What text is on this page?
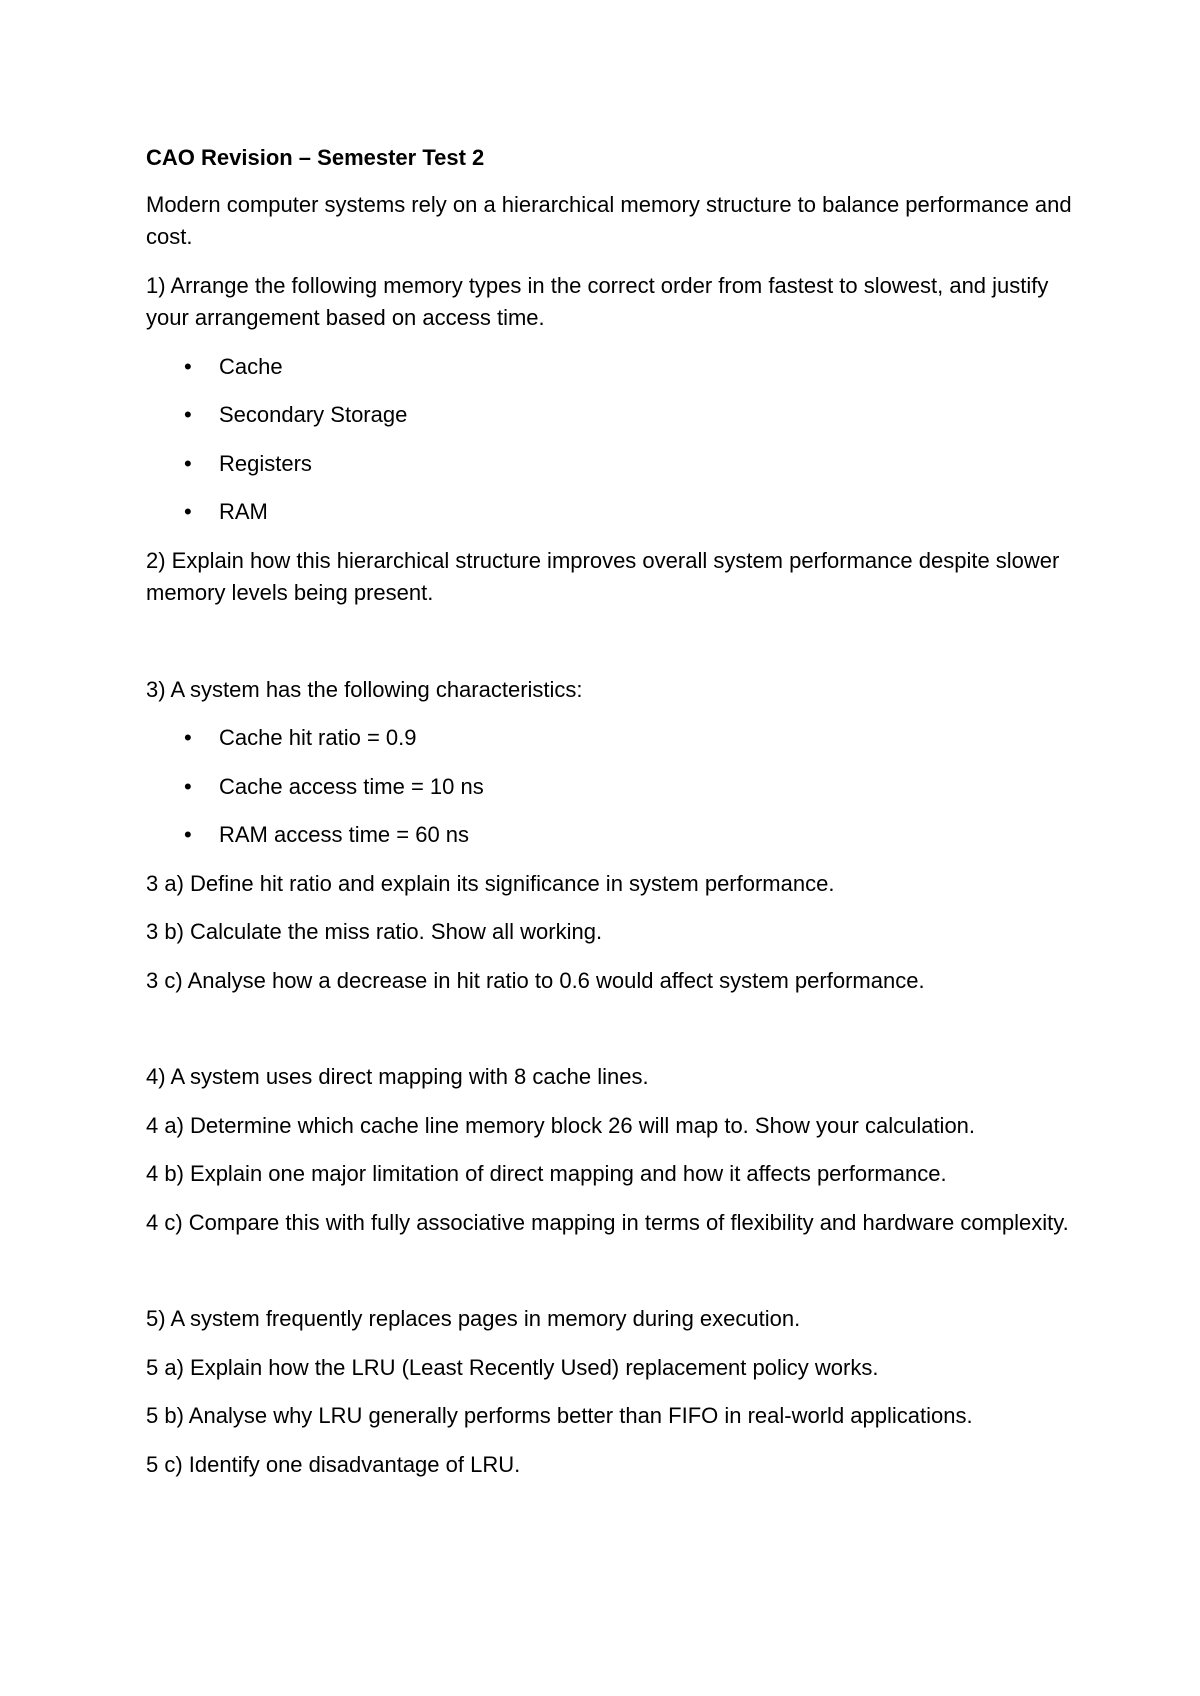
CAO Revision – Semester Test 2
Modern computer systems rely on a hierarchical memory structure to balance performance and cost.
1) Arrange the following memory types in the correct order from fastest to slowest, and justify your arrangement based on access time.
• Cache
• Secondary Storage
• Registers
• RAM
2) Explain how this hierarchical structure improves overall system performance despite slower memory levels being present.
3) A system has the following characteristics:
• Cache hit ratio = 0.9
• Cache access time = 10 ns
• RAM access time = 60 ns
3 a) Define hit ratio and explain its significance in system performance.
3 b) Calculate the miss ratio. Show all working.
3 c) Analyse how a decrease in hit ratio to 0.6 would affect system performance.
4) A system uses direct mapping with 8 cache lines.
4 a) Determine which cache line memory block 26 will map to. Show your calculation.
4 b) Explain one major limitation of direct mapping and how it affects performance.
4 c) Compare this with fully associative mapping in terms of flexibility and hardware complexity.
5) A system frequently replaces pages in memory during execution.
5 a) Explain how the LRU (Least Recently Used) replacement policy works.
5 b) Analyse why LRU generally performs better than FIFO in real-world applications.
5 c) Identify one disadvantage of LRU.
